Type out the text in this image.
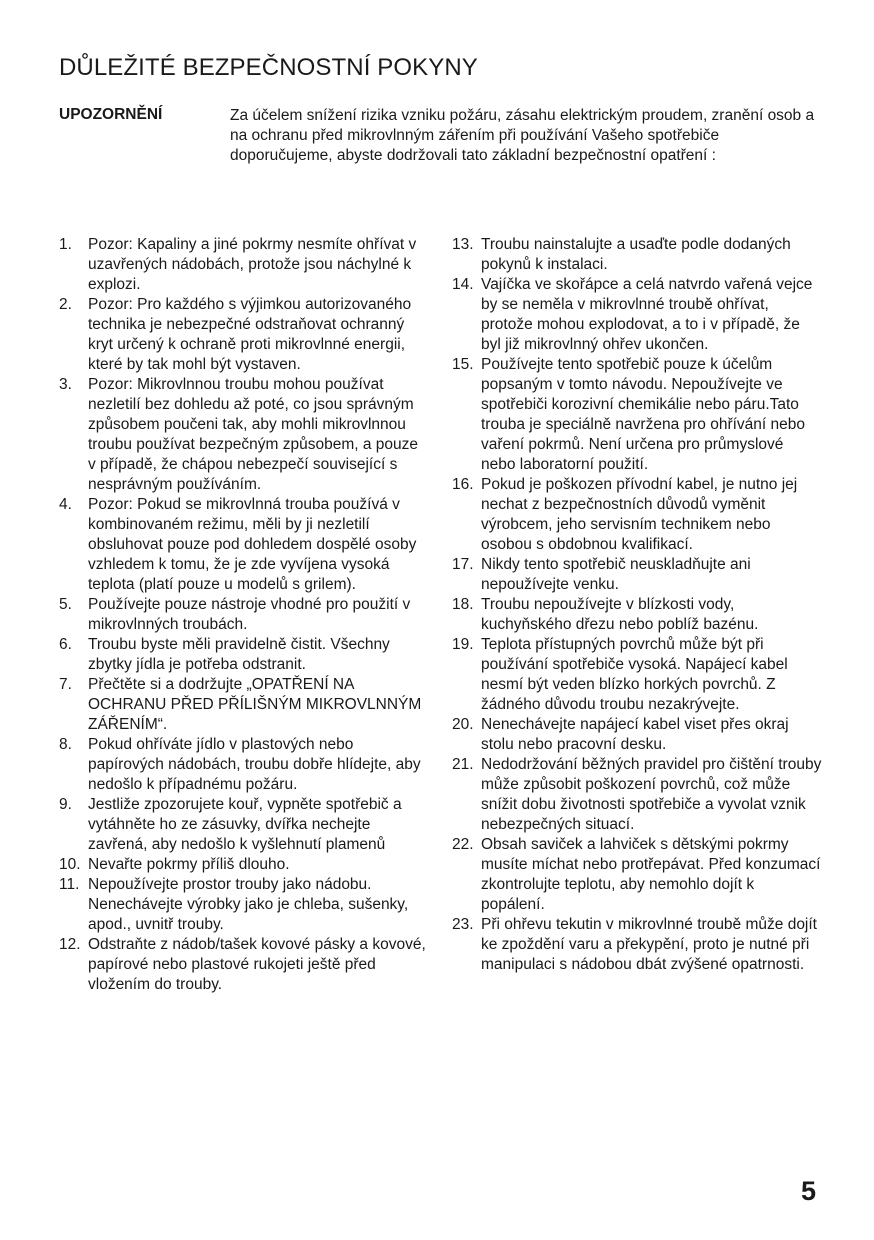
DŮLEŽITÉ BEZPEČNOSTNÍ POKYNY
UPOZORNĚNÍ	Za účelem snížení rizika vzniku požáru, zásahu elektrickým proudem, zranění osob a na ochranu před mikrovlnným zářením při používání Vašeho spotřebiče doporučujeme, abyste dodržovali tato základní bezpečnostní opatření :
1.	Pozor: Kapaliny a jiné pokrmy nesmíte ohřívat v uzavřených nádobách, protože jsou náchylné k explozi.
2.	Pozor: Pro každého s výjimkou autorizovaného technika je nebezpečné odstraňovat ochranný kryt určený k ochraně proti mikrovlnné energii, které by tak mohl být vystaven.
3.	Pozor: Mikrovlnnou troubu mohou používat nezletilí bez dohledu až poté, co jsou správným způsobem poučeni tak, aby mohli mikrovlnnou troubu používat bezpečným způsobem, a pouze v případě, že chápou nebezpečí související s nesprávným používáním.
4.	Pozor: Pokud se mikrovlnná trouba používá v kombinovaném režimu, měli by ji nezletilí obsluhovat pouze pod dohledem dospělé osoby vzhledem k tomu, že je zde vyvíjena vysoká teplota (platí pouze u modelů s grilem).
5.	Používejte pouze nástroje vhodné pro použití v mikrovlnných troubách.
6.	Troubu byste měli pravidelně čistit. Všechny zbytky jídla je potřeba odstranit.
7.	Přečtěte si a dodržujte „OPATŘENÍ NA OCHRANU PŘED PŘÍLIŠNÝM MIKROVLNNÝM ZÁŘENÍM“.
8.	Pokud ohříváte jídlo v plastových nebo papírových nádobách, troubu dobře hlídejte, aby nedošlo k případnému požáru.
9.	Jestliže zpozorujete kouř, vypněte spotřebič a vytáhněte ho ze zásuvky, dvířka nechejte zavřená, aby nedošlo k vyšlehnutí plamenů
10. Nevařte pokrmy příliš dlouho.
11. Nepoužívejte prostor trouby jako nádobu. Nenechávejte výrobky jako je chleba, sušenky, apod., uvnitř trouby.
12. Odstraňte z nádob/tašek kovové pásky a kovové, papírové nebo plastové rukojeti ještě před vložením do trouby.
13. Troubu nainstalujte a usaďte podle dodaných pokynů k instalaci.
14. Vajíčka ve skořápce a celá natvrdo vařená vejce by se neměla v mikrovlnné troubě ohřívat, protože mohou explodovat, a to i v případě, že byl již mikrovlnný ohřev ukončen.
15. Používejte tento spotřebič pouze k účelům popsaným v tomto návodu. Nepoužívejte ve spotřebiči korozivní chemikálie nebo páru.Tato trouba je speciálně navržena pro ohřívání nebo vaření pokrmů. Není určena pro průmyslové nebo laboratorní použití.
16. Pokud je poškozen přívodní kabel, je nutno jej nechat z bezpečnostních důvodů vyměnit výrobcem, jeho servisním technikem nebo osobou s obdobnou kvalifikací.
17. Nikdy tento spotřebič neuskladňujte ani nepoužívejte venku.
18. Troubu nepoužívejte v blízkosti vody, kuchyňského dřezu nebo poblíž bazénu.
19. Teplota přístupných povrchů může být při používání spotřebiče vysoká. Napájecí kabel nesmí být veden blízko horkých povrchů. Z žádného důvodu troubu nezakrývejte.
20. Nenechávejte napájecí kabel viset přes okraj stolu nebo pracovní desku.
21. Nedodržování běžných pravidel pro čištění trouby může způsobit poškození povrchů, což může snížit dobu životnosti spotřebiče a vyvolat vznik nebezpečných situací.
22. Obsah saviček a lahviček s dětskými pokrmy musíte míchat nebo protřepávat. Před konzumací zkontrolujte teplotu, aby nemohlo dojít k popálení.
23. Při ohřevu tekutin v mikrovlnné troubě může dojít ke zpoždění varu a překypění, proto je nutné při manipulaci s nádobou dbát zvýšené opatrnosti.
5
